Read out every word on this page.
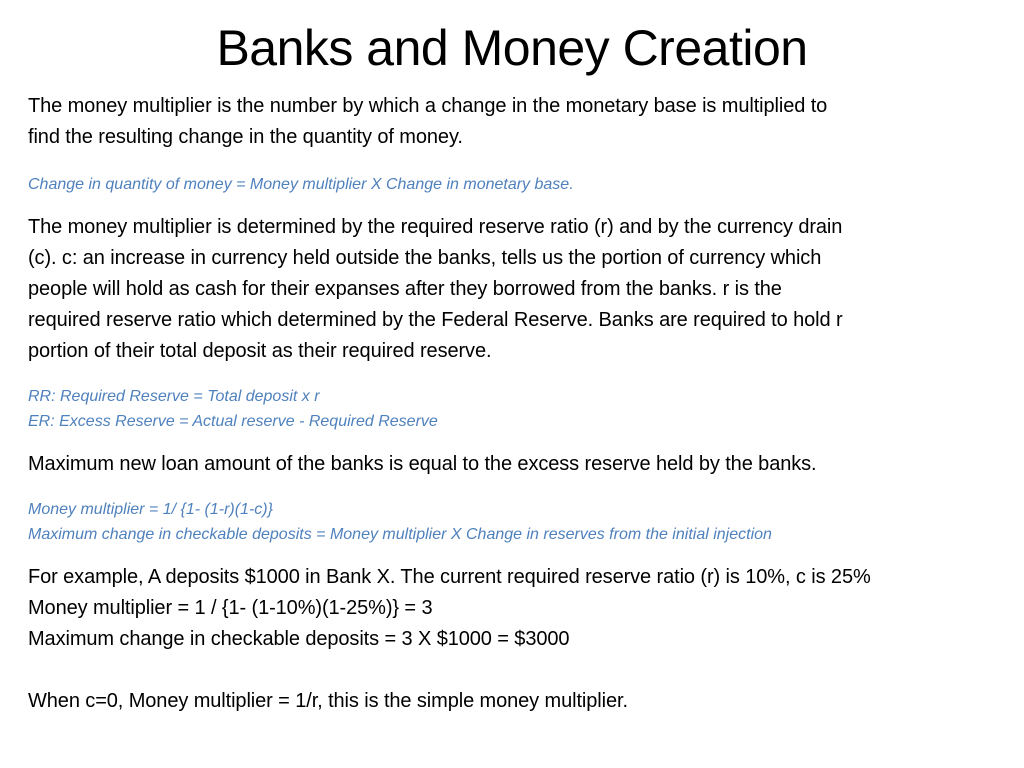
Banks and Money Creation
The money multiplier is the number by which a change in the monetary base is multiplied to
find the resulting change in the quantity of money.
Change in quantity of money = Money multiplier X Change in monetary base.
The money multiplier is determined by the required reserve ratio (r) and by the currency drain
(c). c: an increase in currency held outside the banks, tells us the portion of currency which
people will hold as cash for their expanses after they borrowed from the banks. r is the
required reserve ratio which determined by the Federal Reserve. Banks are required to hold r
portion of their total deposit as their required reserve.
RR: Required Reserve = Total deposit x r
ER: Excess Reserve = Actual reserve - Required Reserve
Maximum new loan amount of the banks is equal to the excess reserve held by the banks.
Money multiplier = 1/ {1- (1-r)(1-c)}
Maximum change in checkable deposits = Money multiplier X Change in reserves from the initial injection
For example, A deposits $1000 in Bank X. The current required reserve ratio (r) is 10%, c is 25%
Money multiplier = 1 / {1- (1-10%)(1-25%)} = 3
Maximum change in checkable deposits = 3 X $1000 = $3000
When c=0, Money multiplier = 1/r, this is the simple money multiplier.
